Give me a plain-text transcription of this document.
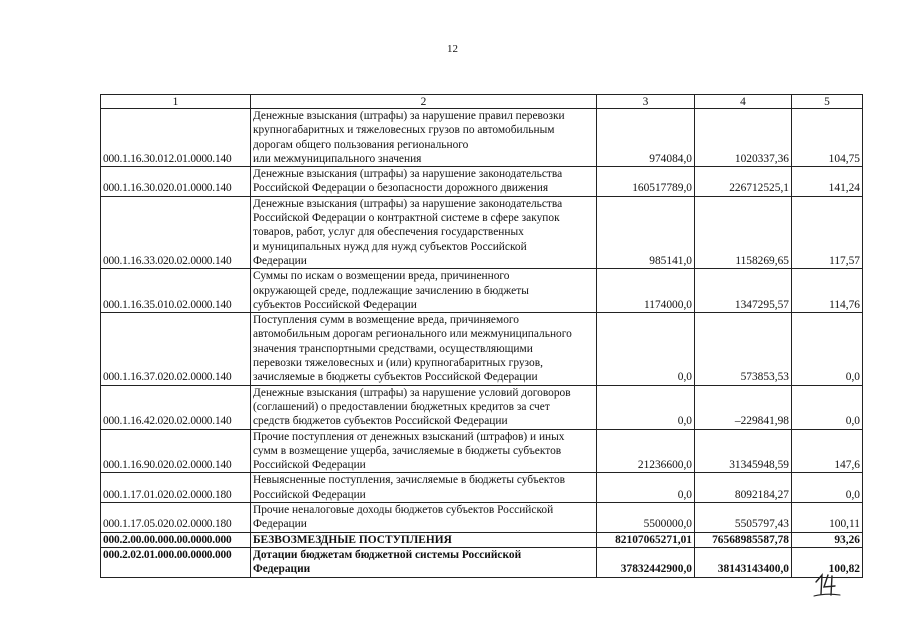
12
1	2	3	4	5
000.1.16.30.012.01.0000.140	Денежные взыскания (штрафы) за нарушение правил перевозки
крупногабаритных и тяжеловесных грузов по автомобильным
дорогам общего пользования регионального
или межмуниципального значения	974084,0	1020337,36	104,75
000.1.16.30.020.01.0000.140	Денежные взыскания (штрафы) за нарушение законодательства
Российской Федерации о безопасности дорожного движения	160517789,0	226712525,1	141,24
000.1.16.33.020.02.0000.140	Денежные взыскания (штрафы) за нарушение законодательства
Российской Федерации о контрактной системе в сфере закупок
товаров, работ, услуг для обеспечения государственных
и муниципальных нужд для нужд субъектов Российской
Федерации	985141,0	1158269,65	117,57
000.1.16.35.010.02.0000.140	Суммы по искам о возмещении вреда, причиненного
окружающей среде, подлежащие зачислению в бюджеты
субъектов Российской Федерации	1174000,0	1347295,57	114,76
000.1.16.37.020.02.0000.140	Поступления сумм в возмещение вреда, причиняемого
автомобильным дорогам регионального или межмуниципального
значения транспортными средствами, осуществляющими
перевозки тяжеловесных и (или) крупногабаритных грузов,
зачисляемые в бюджеты субъектов Российской Федерации	0,0	573853,53	0,0
000.1.16.42.020.02.0000.140	Денежные взыскания (штрафы) за нарушение условий договоров
(соглашений) о предоставлении бюджетных кредитов за счет
средств бюджетов субъектов Российской Федерации	0,0	–229841,98	0,0
000.1.16.90.020.02.0000.140	Прочие поступления от денежных взысканий (штрафов) и иных
сумм в возмещение ущерба, зачисляемые в бюджеты субъектов
Российской Федерации	21236600,0	31345948,59	147,6
000.1.17.01.020.02.0000.180	Невыясненные поступления, зачисляемые в бюджеты субъектов
Российской Федерации	0,0	8092184,27	0,0
000.1.17.05.020.02.0000.180	Прочие неналоговые доходы бюджетов субъектов Российской
Федерации	5500000,0	5505797,43	100,11
000.2.00.00.000.00.0000.000	БЕЗВОЗМЕЗДНЫЕ ПОСТУПЛЕНИЯ	82107065271,01	76568985587,78	93,26
000.2.02.01.000.00.0000.000	Дотации бюджетам бюджетной системы Российской
Федерации	37832442900,0	38143143400,0	100,82
